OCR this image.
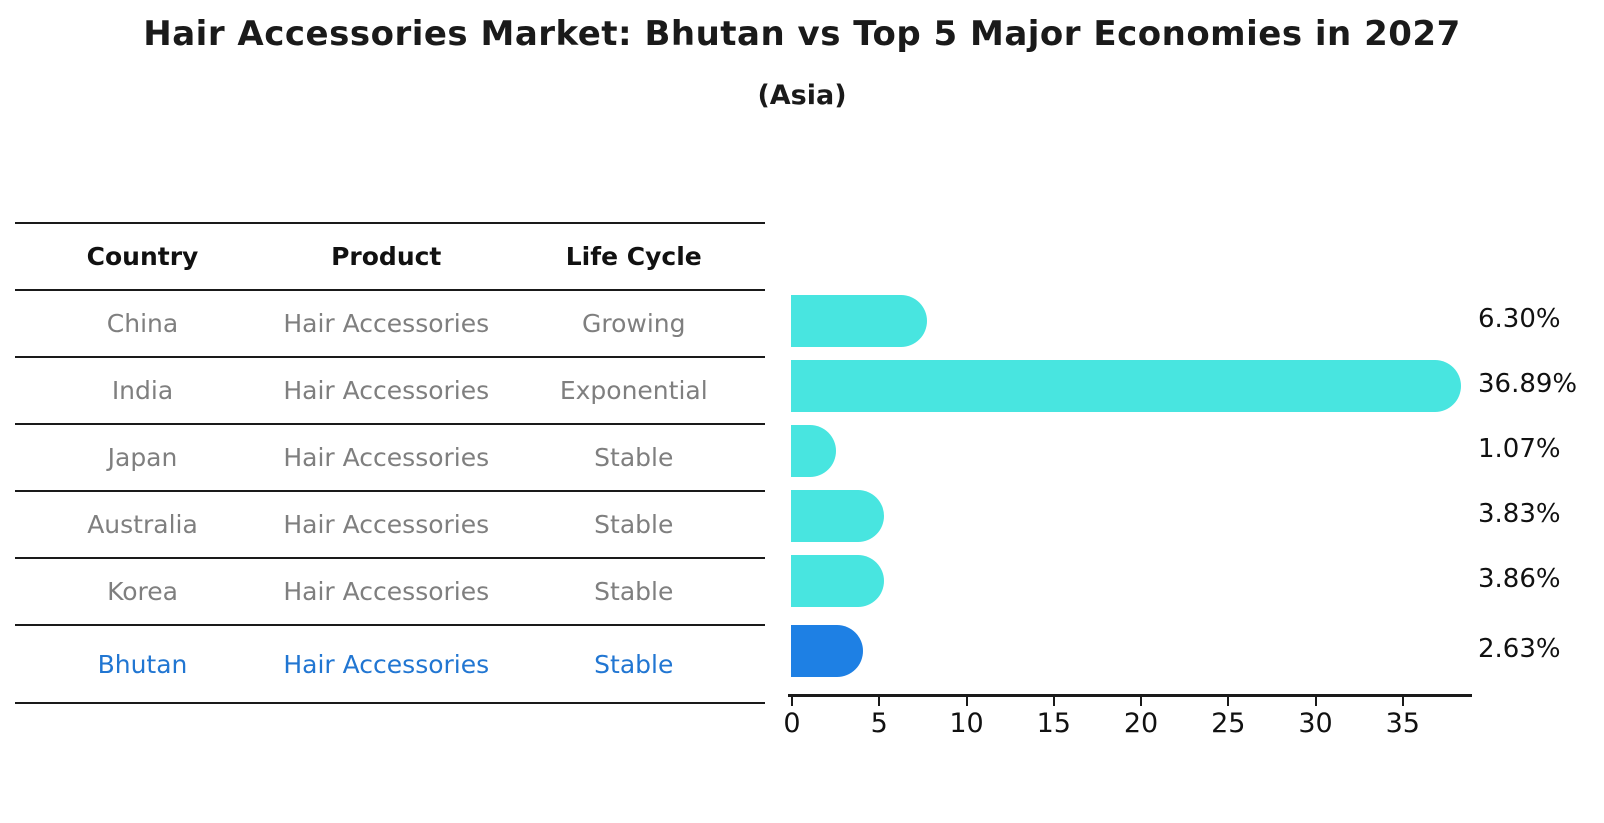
Hair Accessories Market: Bhutan vs Top 5 Major Economies in 2027
(Asia)
Country	Product	Life Cycle
China	Hair Accessories	Growing
India	Hair Accessories	Exponential
Japan	Hair Accessories	Stable
Australia	Hair Accessories	Stable
Korea	Hair Accessories	Stable
Bhutan	Hair Accessories	Stable
6.30%
36.89%
1.07%
3.83%
3.86%
2.63%
0	5	10	15	20	25	30	35
